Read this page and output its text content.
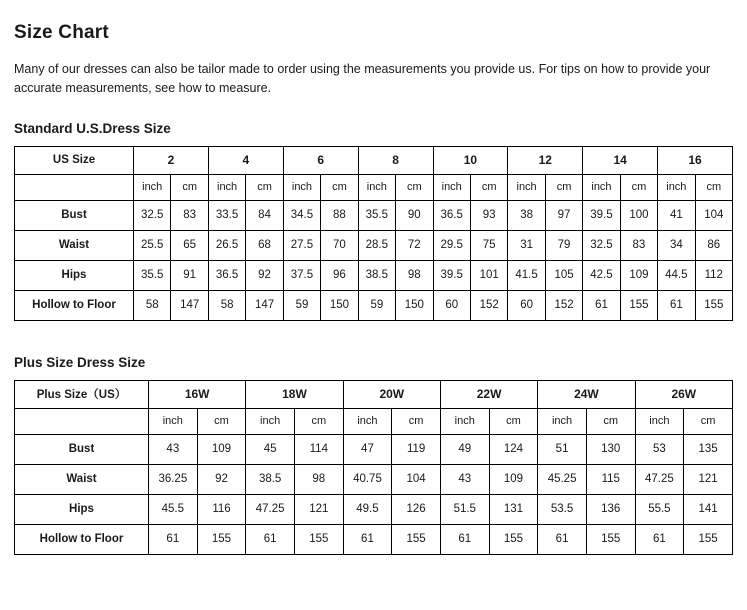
Size Chart

Many of our dresses can also be tailor made to order using the measurements you provide us. For tips on how to provide your accurate measurements, see how to measure.

Standard U.S.Dress Size
US Size	2		4		6		8		10		12		14		16	
	inch	cm	inch	cm	inch	cm	inch	cm	inch	cm	inch	cm	inch	cm	inch	cm
Bust	32.5	83	33.5	84	34.5	88	35.5	90	36.5	93	38	97	39.5	100	41	104
Waist	25.5	65	26.5	68	27.5	70	28.5	72	29.5	75	31	79	32.5	83	34	86
Hips	35.5	91	36.5	92	37.5	96	38.5	98	39.5	101	41.5	105	42.5	109	44.5	112
Hollow to Floor	58	147	58	147	59	150	59	150	60	152	60	152	61	155	61	155
Plus Size Dress Size
Plus Size（US）	16W		18W		20W		22W		24W		26W	
	inch	cm	inch	cm	inch	cm	inch	cm	inch	cm	inch	cm
Bust	43	109	45	114	47	119	49	124	51	130	53	135
Waist	36.25	92	38.5	98	40.75	104	43	109	45.25	115	47.25	121
Hips	45.5	116	47.25	121	49.5	126	51.5	131	53.5	136	55.5	141
Hollow to Floor	61	155	61	155	61	155	61	155	61	155	61	155
